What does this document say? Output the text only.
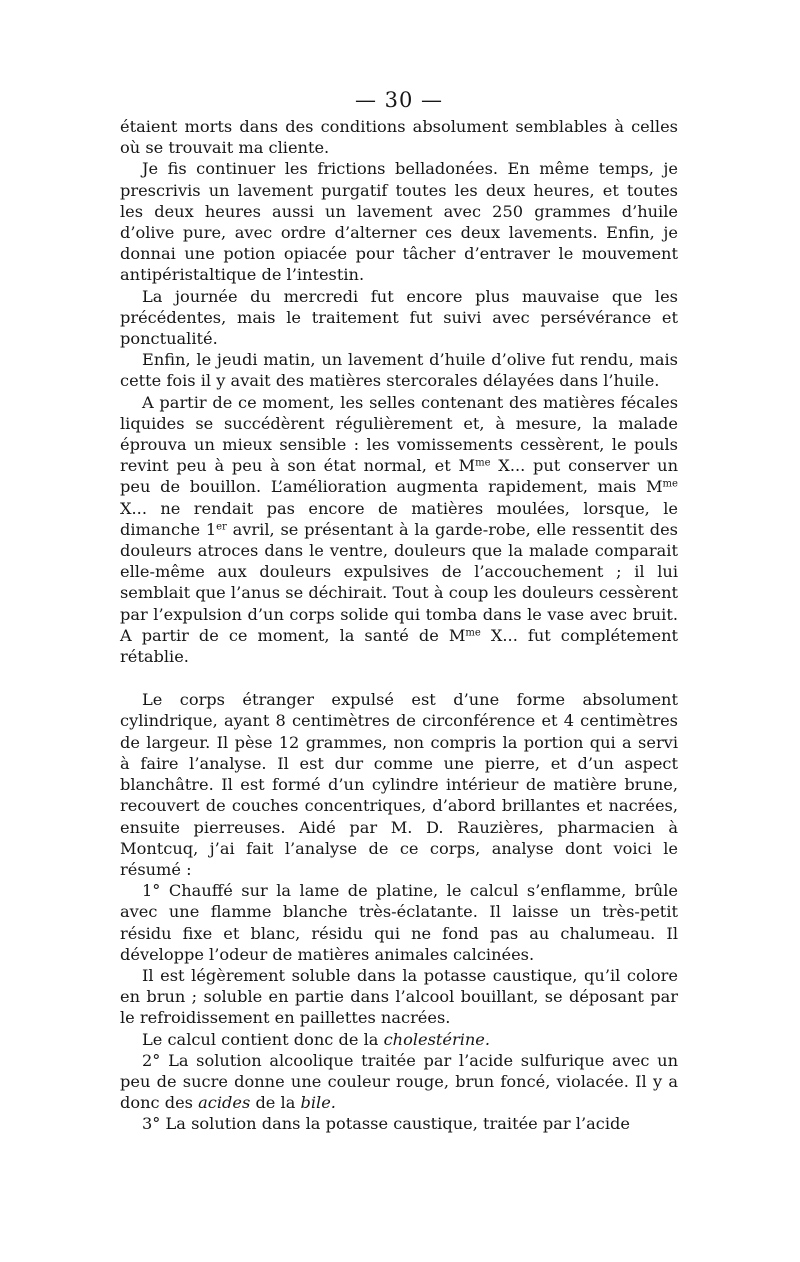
— 30 —

étaient morts dans des conditions absolument semblables à celles où se trouvait ma cliente.

Je fis continuer les frictions belladonées. En même temps, je prescrivis un lavement purgatif toutes les deux heures, et toutes les deux heures aussi un lavement avec 250 grammes d’huile d’olive pure, avec ordre d’alterner ces deux lavements. Enfin, je donnai une potion opiacée pour tâcher d’entraver le mouvement antipéristaltique de l’intestin.

La journée du mercredi fut encore plus mauvaise que les précédentes, mais le traitement fut suivi avec persévérance et ponctualité.

Enfin, le jeudi matin, un lavement d’huile d’olive fut rendu, mais cette fois il y avait des matières stercorales délayées dans l’huile.

A partir de ce moment, les selles contenant des matières fécales liquides se succédèrent régulièrement et, à mesure, la malade éprouva un mieux sensible : les vomissements cessèrent, le pouls revint peu à peu à son état normal, et $M^{me}$ X... put conserver un peu de bouillon. L’amélioration augmenta rapidement, mais $M^{me}$ X... ne rendait pas encore de matières moulées, lorsque, le dimanche 1er avril, se présentant à la garde-robe, elle ressentit des douleurs atroces dans le ventre, douleurs que la malade comparait elle-même aux douleurs expulsives de l’accouchement ; il lui semblait que l’anus se déchirait. Tout à coup les douleurs cessèrent par l’expulsion d’un corps solide qui tomba dans le vase avec bruit. A partir de ce moment, la santé de $M^{me}$ X... fut complétement rétablie.

Le corps étranger expulsé est d’une forme absolument cylindrique, ayant 8 centimètres de circonférence et 4 centimètres de largeur. Il pèse 12 grammes, non compris la portion qui a servi à faire l’analyse. Il est dur comme une pierre, et d’un aspect blanchâtre. Il est formé d’un cylindre intérieur de matière brune, recouvert de couches concentriques, d’abord brillantes et nacrées, ensuite pierreuses. Aidé par M. D. Rauzières, pharmacien à Montcuq, j’ai fait l’analyse de ce corps, analyse dont voici le résumé :

1° Chauffé sur la lame de platine, le calcul s’enflamme, brûle avec une flamme blanche très-éclatante. Il laisse un très-petit résidu fixe et blanc, résidu qui ne fond pas au chalumeau. Il développe l’odeur de matières animales calcinées.

Il est légèrement soluble dans la potasse caustique, qu’il colore en brun ; soluble en partie dans l’alcool bouillant, se déposant par le refroidissement en paillettes nacrées.

Le calcul contient donc de la cholestérine.

2° La solution alcoolique traitée par l’acide sulfurique avec un peu de sucre donne une couleur rouge, brun foncé, violacée. Il y a donc des acides de la bile.

3° La solution dans la potasse caustique, traitée par l’acide
